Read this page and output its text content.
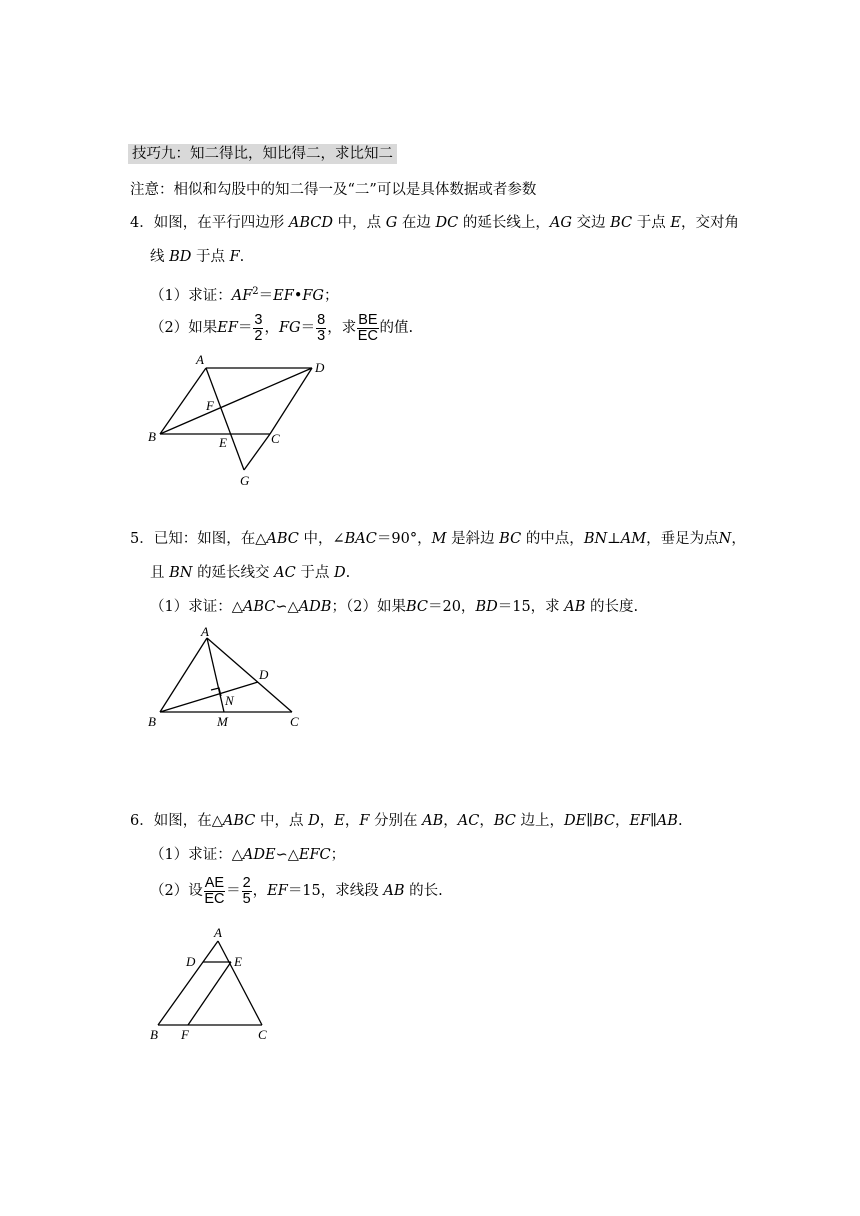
技巧九：知二得比，知比得二，求比知二
注意：相似和勾股中的知二得一及“二”可以是具体数据或者参数
4．如图，在平行四边形 ABCD 中，点 G 在边 DC 的延长线上，AG 交边 BC 于点 E，交对角
线 BD 于点 F.
（1）求证：$AF^2=EF•FG$；
（2）如果$EF= \frac{3}{2}$ ，$FG= \frac{8}{3}$ ，求 $\frac{BE}{EC}$ 的值.
A
D
F
B	E	C
G
A
D
N
B	M	C
A
D	E
B F	C
5．已知：如图，在△ABC 中，∠BAC＝90°，M 是斜边 BC 的中点，BN⊥AM，垂足为点N，
且 BN 的延长线交 AC 于点 D.
（1）求证：△ABC∽△ADB；（2）如果BC＝20，BD＝15，求 AB 的长度.
6．如图，在△ABC 中，点 D，E，F 分别在 AB，AC，BC 边上，DE∥BC，EF∥AB.
（1）求证：△ADE∽△EFC；
（2）设 $\frac{AE}{EC} = \frac{2}{5}$ ，EF＝15，求线段 AB 的长.
